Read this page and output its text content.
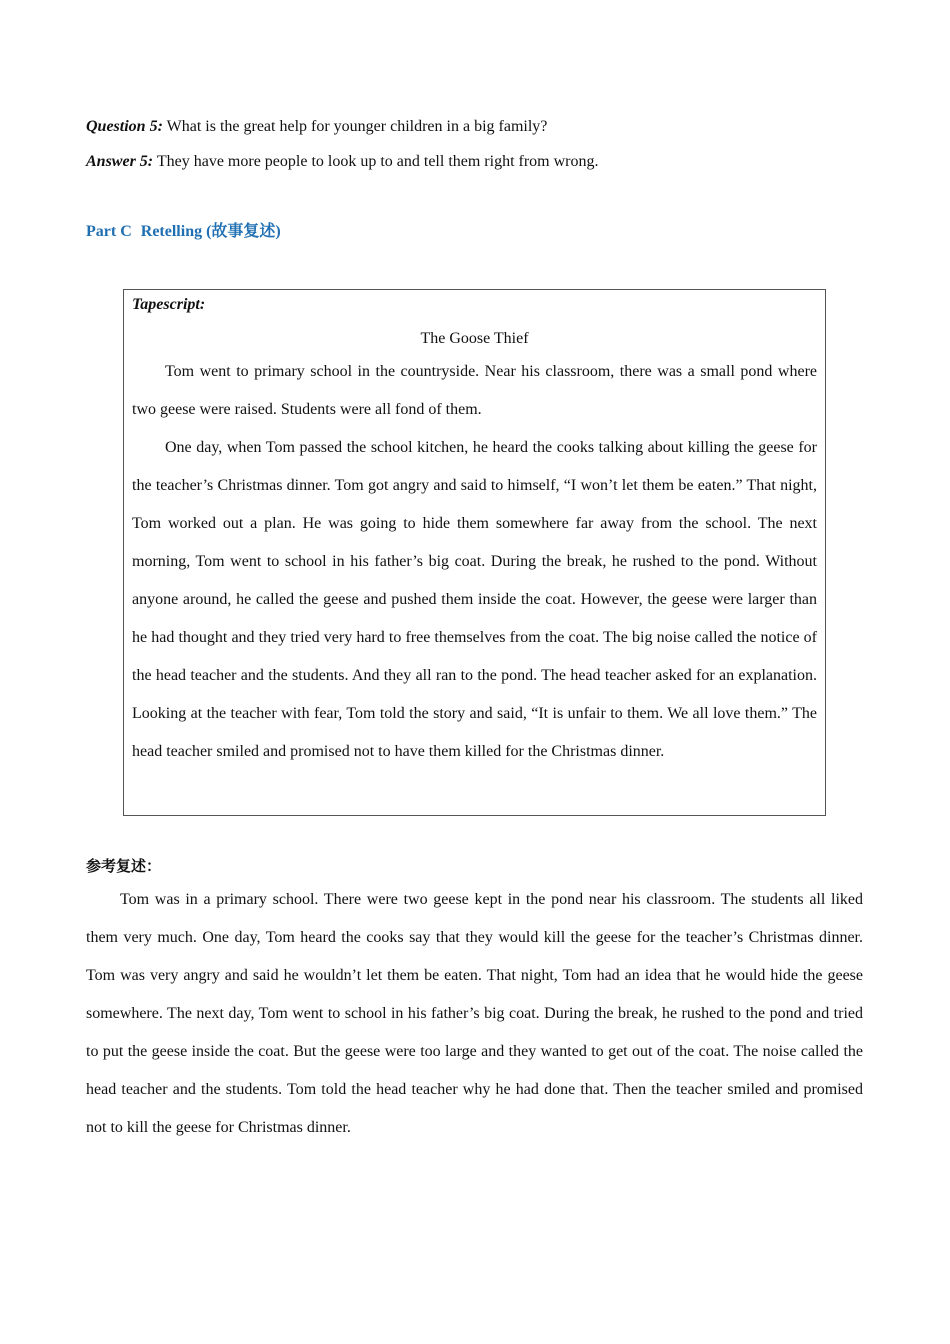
Question 5: What is the great help for younger children in a big family?
Answer 5: They have more people to look up to and tell them right from wrong.
Part C Retelling (故事复述)
Tapescript:
The Goose Thief

Tom went to primary school in the countryside. Near his classroom, there was a small pond where two geese were raised. Students were all fond of them.

One day, when Tom passed the school kitchen, he heard the cooks talking about killing the geese for the teacher’s Christmas dinner. Tom got angry and said to himself, “I won’t let them be eaten.” That night, Tom worked out a plan. He was going to hide them somewhere far away from the school. The next morning, Tom went to school in his father’s big coat. During the break, he rushed to the pond. Without anyone around, he called the geese and pushed them inside the coat. However, the geese were larger than he had thought and they tried very hard to free themselves from the coat. The big noise called the notice of the head teacher and the students. And they all ran to the pond. The head teacher asked for an explanation. Looking at the teacher with fear, Tom told the story and said, “It is unfair to them. We all love them.” The head teacher smiled and promised not to have them killed for the Christmas dinner.

参考复述：

Tom was in a primary school. There were two geese kept in the pond near his classroom. The students all liked them very much. One day, Tom heard the cooks say that they would kill the geese for the teacher’s Christmas dinner. Tom was very angry and said he wouldn’t let them be eaten. That night, Tom had an idea that he would hide the geese somewhere. The next day, Tom went to school in his father’s big coat. During the break, he rushed to the pond and tried to put the geese inside the coat. But the geese were too large and they wanted to get out of the coat. The noise called the head teacher and the students. Tom told the head teacher why he had done that. Then the teacher smiled and promised not to kill the geese for Christmas dinner.
